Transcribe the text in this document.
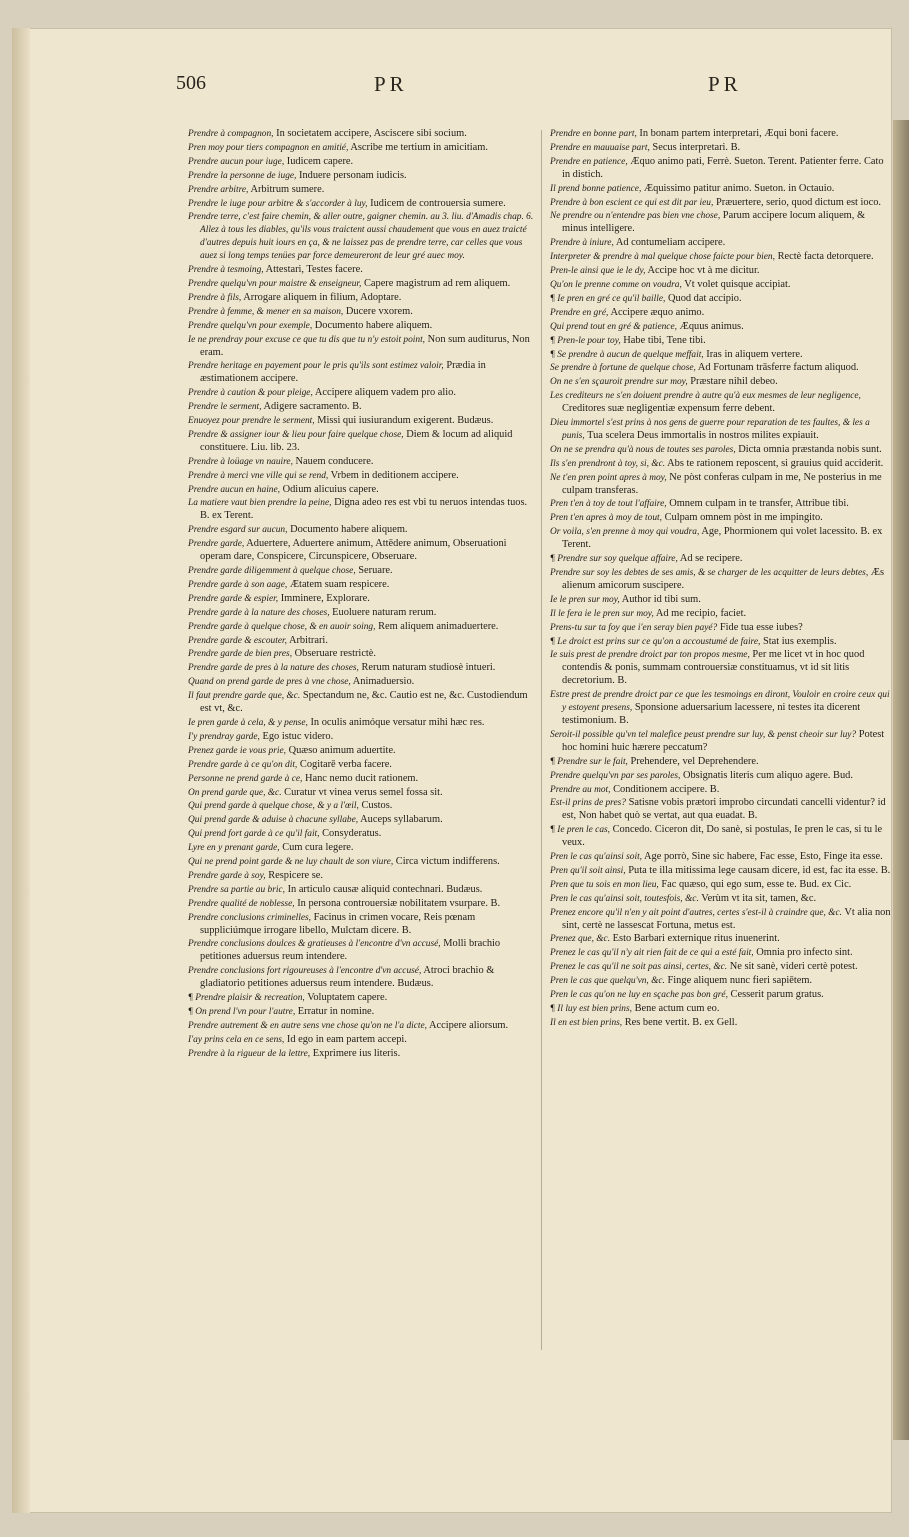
506	PR	PR

Prendre à compagnon, In societatem accipere, Asciscere sibi socium.

Pren moy pour tiers compagnon en amitié, Ascribe me tertium in amicitiam.

Prendre aucun pour iuge, Iudicem capere.

Prendre la personne de iuge, Induere personam iudicis.

Prendre arbitre, Arbitrum sumere.

Prendre le iuge pour arbitre & s'accorder à luy, Iudicem de controuersia sumere.

Prendre terre, c'est faire chemin, & aller outre, gaigner chemin. au 3. liu. d'Amadis chap. 6. Allez à tous les diables, qu'ils vous traictent aussi chaudement que vous en auez traicté d'autres depuis huit iours en ça, & ne laissez pas de prendre terre, car celles que vous auez si long temps tenües par force demeureront de leur gré auec moy.

Prendre à tesmoing, Attestari, Testes facere.

Prendre quelqu'vn pour maistre & enseigneur, Capere magistrum ad rem aliquem.

Prendre à fils, Arrogare aliquem in filium, Adoptare.

Prendre à femme, & mener en sa maison, Ducere vxorem.

Prendre quelqu'vn pour exemple, Documento habere aliquem.

Ie ne prendray pour excuse ce que tu dis que tu n'y estoit point, Non sum auditurus, Non eram.

Prendre heritage en payement pour le pris qu'ils sont estimez valoir, Prædia in æstimationem accipere.

Prendre à caution & pour pleige, Accipere aliquem vadem pro alio.

Prendre le serment, Adigere sacramento. B.

Enuoyez pour prendre le serment, Missi qui iusiurandum exigerent. Budæus.

Prendre & assigner iour & lieu pour faire quelque chose, Diem & locum ad aliquid constituere. Liu. lib. 23.

Prendre à loüage vn nauire, Nauem conducere.

Prendre à merci vne ville qui se rend, Vrbem in deditionem accipere.

Prendre aucun en haine, Odium alicuius capere.

La matiere vaut bien prendre la peine, Digna adeo res est vbi tu neruos intendas tuos. B. ex Terent.

Prendre esgard sur aucun, Documento habere aliquem.

Prendre garde, Aduertere, Aduertere animum, Attēdere animum, Obseruationi operam dare, Conspicere, Circunspicere, Obseruare.

Prendre garde diligemment à quelque chose, Seruare.

Prendre garde à son aage, Ætatem suam respicere.

Prendre garde & espier, Imminere, Explorare.

Prendre garde à la nature des choses, Euoluere naturam rerum.

Prendre garde à quelque chose, & en auoir soing, Rem aliquem animaduertere.

Prendre garde & escouter, Arbitrari.

Prendre garde de bien pres, Obseruare restrictè.

Prendre garde de pres à la nature des choses, Rerum naturam studiosè intueri.

Quand on prend garde de pres à vne chose, Animaduersio.

Il faut prendre garde que, &c. Spectandum ne, &c. Cautio est ne, &c. Custodiendum est vt, &c.

Ie pren garde à cela, & y pense, In oculis animóque versatur mihi hæc res.

I'y prendray garde, Ego istuc videro.

Prenez garde ie vous prie, Quæso animum aduertite.

Prendre garde à ce qu'on dit, Cogitarē verba facere.

Personne ne prend garde à ce, Hanc nemo ducit rationem.

On prend garde que, &c. Curatur vt vinea verus semel fossa sit.

Qui prend garde à quelque chose, & y a l'œil, Custos.

Qui prend garde & aduise à chacune syllabe, Auceps syllabarum.

Qui prend fort garde à ce qu'il fait, Consyderatus.

Lyre en y prenant garde, Cum cura legere.

Qui ne prend point garde & ne luy chault de son viure, Circa victum indifferens.

Prendre garde à soy, Respicere se.

Prendre sa partie au bric, In articulo causæ aliquid contechnari. Budæus.

Prendre qualité de noblesse, In persona controuersiæ nobilitatem vsurpare. B.

Prendre conclusions criminelles, Facinus in crimen vocare, Reis pœnam suppliciúmque irrogare libello, Mulctam dicere. B.

Prendre conclusions doulces & gratieuses à l'encontre d'vn accusé, Molli brachio petitiones aduersus reum intendere.

Prendre conclusions fort rigoureuses à l'encontre d'vn accusé, Atroci brachio & gladiatorio petitiones aduersus reum intendere. Budæus.

¶ Prendre plaisir & recreation, Voluptatem capere.

¶ On prend l'vn pour l'autre, Erratur in nomine.

Prendre autrement & en autre sens vne chose qu'on ne l'a dicte, Accipere aliorsum.

I'ay prins cela en ce sens, Id ego in eam partem accepi.

Prendre à la rigueur de la lettre, Exprimere ius literis.

Prendre en bonne part, In bonam partem interpretari, Æqui boni facere.

Prendre en mauuaise part, Secus interpretari. B.

Prendre en patience, Æquo animo pati, Ferrè. Sueton. Terent. Patienter ferre. Cato in distich.

Il prend bonne patience, Æquissimo patitur animo. Sueton. in Octauio.

Prendre à bon escient ce qui est dit par ieu, Præuertere, serio, quod dictum est ioco.

Ne prendre ou n'entendre pas bien vne chose, Parum accipere locum aliquem, & minus intelligere.

Prendre à iniure, Ad contumeliam accipere.

Interpreter & prendre à mal quelque chose faicte pour bien, Rectè facta detorquere.

Pren-le ainsi que ie le dy, Accipe hoc vt à me dicitur.

Qu'on le prenne comme on voudra, Vt volet quisque accipiat.

¶ Ie pren en gré ce qu'il baille, Quod dat accipio.

Prendre en gré, Accipere æquo animo.

Qui prend tout en gré & patience, Æquus animus.

¶ Pren-le pour toy, Habe tibi, Tene tibi.

¶ Se prendre à aucun de quelque meffait, Iras in aliquem vertere.

Se prendre à fortune de quelque chose, Ad Fortunam trāsferre factum aliquod.

On ne s'en sçauroit prendre sur moy, Præstare nihil debeo.

Les crediteurs ne s'en doiuent prendre à autre qu'à eux mesmes de leur negligence, Creditores suæ negligentiæ expensum ferre debent.

Dieu immortel s'est prins à nos gens de guerre pour reparation de tes faultes, & les a punis, Tua scelera Deus immortalis in nostros milites expiauit.

On ne se prendra qu'à nous de toutes ses paroles, Dicta omnia præstanda nobis sunt.

Ils s'en prendront à toy, si, &c. Abs te rationem reposcent, si grauius quid acciderit.

Ne t'en pren point apres à moy, Ne pòst conferas culpam in me, Ne posterius in me culpam transferas.

Pren t'en à toy de tout l'affaire, Omnem culpam in te transfer, Attribue tibi.

Pren t'en apres à moy de tout, Culpam omnem pòst in me impingito.

Or voila, s'en prenne à moy qui voudra, Age, Phormionem qui volet lacessito. B. ex Terent.

¶ Prendre sur soy quelque affaire, Ad se recipere.

Prendre sur soy les debtes de ses amis, & se charger de les acquitter de leurs debtes, Æs alienum amicorum suscipere.

Ie le pren sur moy, Author id tibi sum.

Il le fera ie le pren sur moy, Ad me recipio, faciet.

Prens-tu sur ta foy que i'en seray bien payé? Fide tua esse iubes?

¶ Le droict est prins sur ce qu'on a accoustumé de faire, Stat ius exemplis.

Ie suis prest de prendre droict par ton propos mesme, Per me licet vt in hoc quod contendis & ponis, summam controuersiæ constituamus, vt id sit litis decretorium. B.

Estre prest de prendre droict par ce que les tesmoings en diront, Vouloir en croire ceux qui y estoyent presens, Sponsione aduersarium lacessere, ni testes ita dicerent testimonium. B.

Seroit-il possible qu'vn tel malefice peust prendre sur luy, & penst cheoir sur luy? Potest hoc homini huic hærere peccatum?

¶ Prendre sur le fait, Prehendere, vel Deprehendere.

Prendre quelqu'vn par ses paroles, Obsignatis literis cum aliquo agere. Bud.

Prendre au mot, Conditionem accipere. B.

Est-il prins de pres? Satisne vobis prætori improbo circundati cancelli videntur? id est, Non habet quò se vertat, aut qua euadat. B.

¶ Ie pren le cas, Concedo. Ciceron dit, Do sanè, si postulas, Ie pren le cas, si tu le veux.

Pren le cas qu'ainsi soit, Age porrò, Sine sic habere, Fac esse, Esto, Finge ita esse.

Pren qu'il soit ainsi, Puta te illa mitissima lege causam dicere, id est, fac ita esse. B.

Pren que tu sois en mon lieu, Fac quæso, qui ego sum, esse te. Bud. ex Cic.

Pren le cas qu'ainsi soit, toutesfois, &c. Verùm vt ita sit, tamen, &c.

Prenez encore qu'il n'en y ait point d'autres, certes s'est-il à craindre que, &c. Vt alia non sint, certè ne lassescat Fortuna, metus est.

Prenez que, &c. Esto Barbari externique ritus inuenerint.

Prenez le cas qu'il n'y ait rien fait de ce qui a esté fait, Omnia pro infecto sint.

Prenez le cas qu'il ne soit pas ainsi, certes, &c. Ne sit sanè, videri certè potest.

Pren le cas que quelqu'vn, &c. Finge aliquem nunc fieri sapiētem.

Pren le cas qu'on ne luy en sçache pas bon gré, Cesserit parum gratus.

¶ Il luy est bien prins, Bene actum cum eo.

Il en est bien prins, Res bene vertit. B. ex Gell.
